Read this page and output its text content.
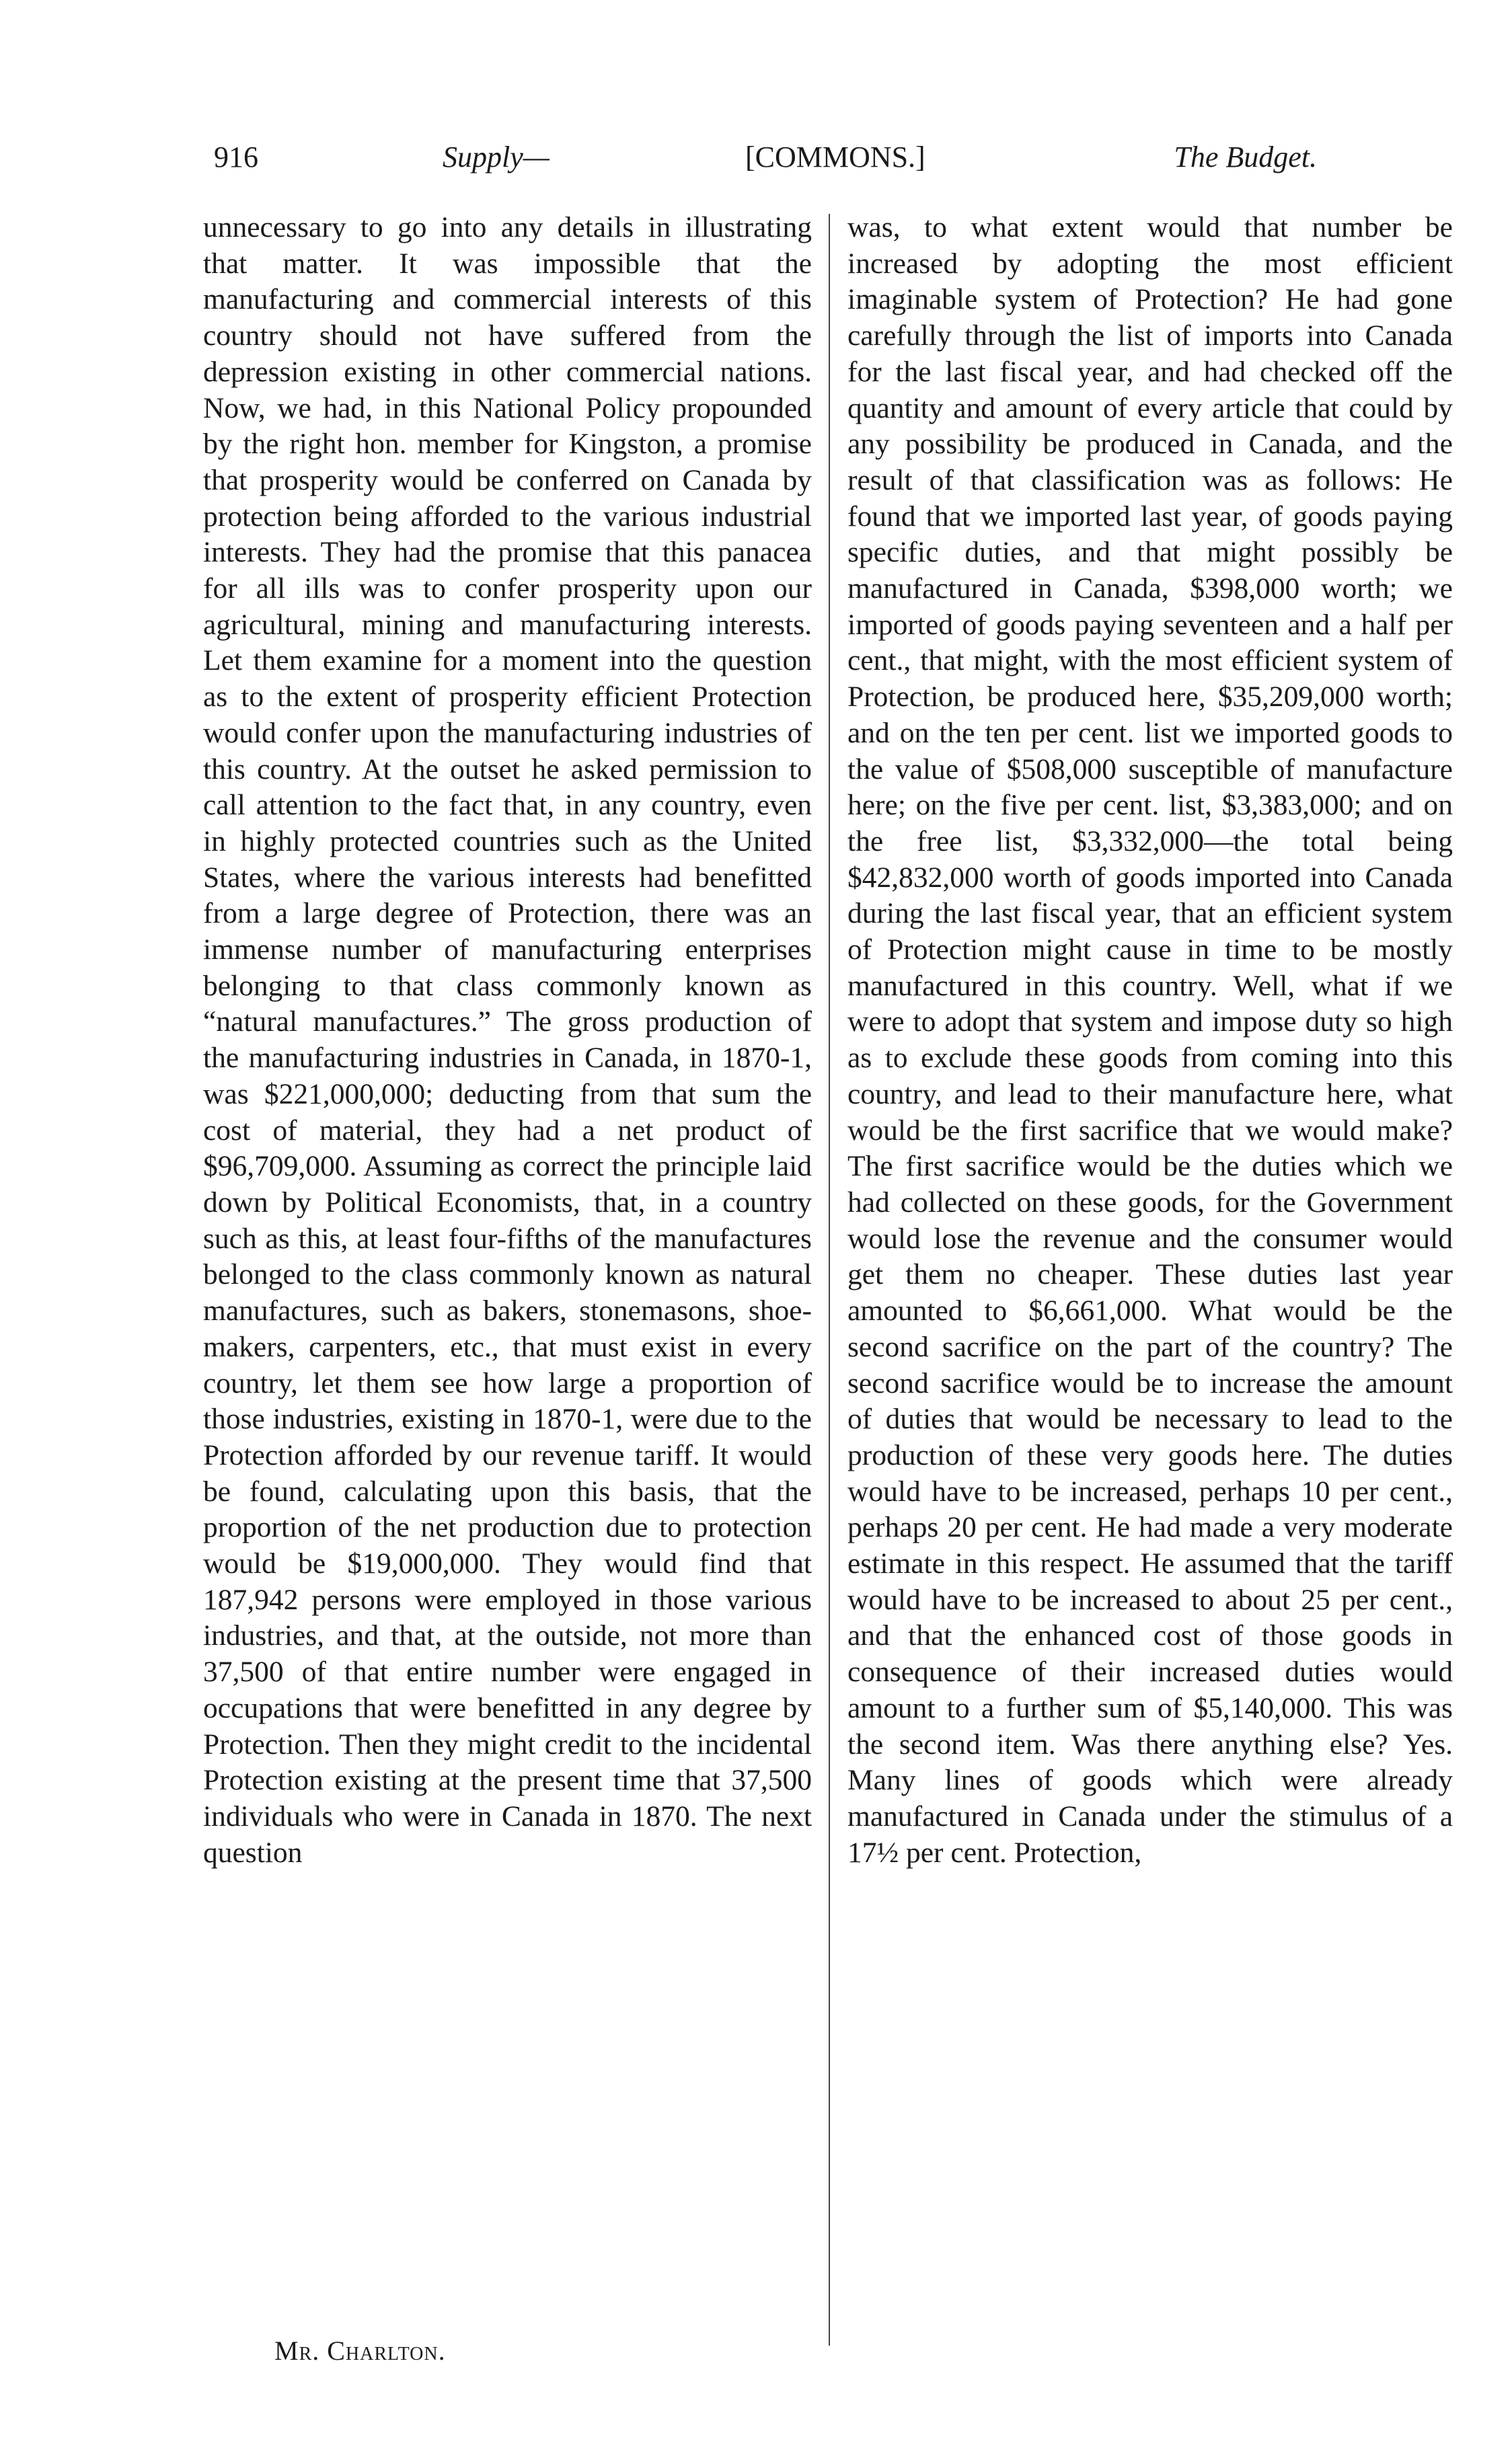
916	Supply—	[COMMONS.]	The Budget.

unnecessary to go into any details in illustrating that matter. It was impossible that the manufacturing and commercial interests of this country should not have suffered from the depression existing in other commercial nations. Now, we had, in this National Policy propounded by the right hon. member for Kingston, a promise that prosperity would be conferred on Canada by protection being afforded to the various industrial interests. They had the promise that this panacea for all ills was to confer prosperity upon our agricultural, mining and manufacturing interests. Let them examine for a moment into the question as to the extent of prosperity efficient Protection would confer upon the manufacturing industries of this country. At the outset he asked permission to call attention to the fact that, in any country, even in highly protected countries such as the United States, where the various interests had benefitted from a large degree of Protection, there was an immense number of manufacturing enterprises belonging to that class commonly known as “natural manufactures.” The gross production of the manufacturing industries in Canada, in 1870-1, was $221,000,000; deducting from that sum the cost of material, they had a net product of $96,709,000. Assuming as correct the principle laid down by Political Economists, that, in a country such as this, at least four-fifths of the manufactures belonged to the class commonly known as natural manufactures, such as bakers, stonemasons, shoe-makers, carpenters, etc., that must exist in every country, let them see how large a proportion of those industries, existing in 1870-1, were due to the Protection afforded by our revenue tariff. It would be found, calculating upon this basis, that the proportion of the net production due to protection would be $19,000,000. They would find that 187,942 persons were employed in those various industries, and that, at the outside, not more than 37,500 of that entire number were engaged in occupations that were benefitted in any degree by Protection. Then they might credit to the incidental Protection existing at the present time that 37,500 individuals who were in Canada in 1870. The next question

was, to what extent would that number be increased by adopting the most efficient imaginable system of Protection? He had gone carefully through the list of imports into Canada for the last fiscal year, and had checked off the quantity and amount of every article that could by any possibility be produced in Canada, and the result of that classification was as follows: He found that we imported last year, of goods paying specific duties, and that might possibly be manufactured in Canada, $398,000 worth; we imported of goods paying seventeen and a half per cent., that might, with the most efficient system of Protection, be produced here, $35,209,000 worth; and on the ten per cent. list we imported goods to the value of $508,000 susceptible of manufacture here; on the five per cent. list, $3,383,000; and on the free list, $3,332,000—the total being $42,832,000 worth of goods imported into Canada during the last fiscal year, that an efficient system of Protection might cause in time to be mostly manufactured in this country. Well, what if we were to adopt that system and impose duty so high as to exclude these goods from coming into this country, and lead to their manufacture here, what would be the first sacrifice that we would make? The first sacrifice would be the duties which we had collected on these goods, for the Government would lose the revenue and the consumer would get them no cheaper. These duties last year amounted to $6,661,000. What would be the second sacrifice on the part of the country? The second sacrifice would be to increase the amount of duties that would be necessary to lead to the production of these very goods here. The duties would have to be increased, perhaps 10 per cent., perhaps 20 per cent. He had made a very moderate estimate in this respect. He assumed that the tariff would have to be increased to about 25 per cent., and that the enhanced cost of those goods in consequence of their increased duties would amount to a further sum of $5,140,000. This was the second item. Was there anything else? Yes. Many lines of goods which were already manufactured in Canada under the stimulus of a 17½ per cent. Protection,

Mr. Charlton.
